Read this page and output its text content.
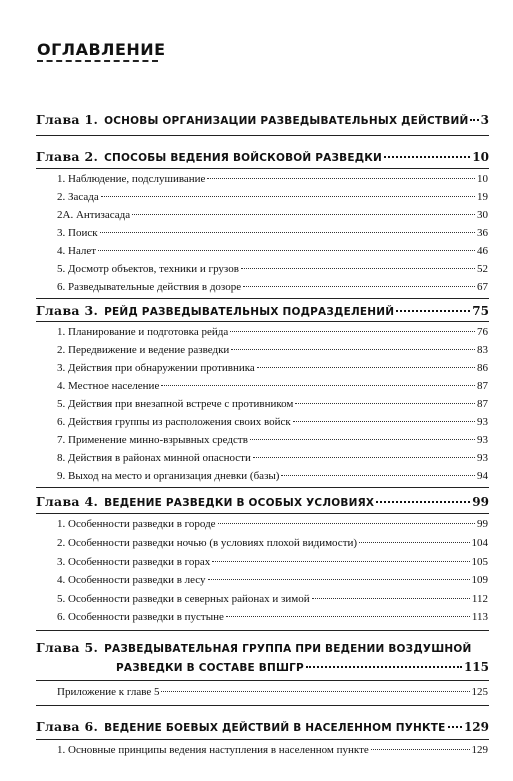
ОГЛАВЛЕНИЕ
Глава 1. ОСНОВЫ ОРГАНИЗАЦИИ РАЗВЕДЫВАТЕЛЬНЫХ ДЕЙСТВИЙ 3
Глава 2. СПОСОБЫ ВЕДЕНИЯ ВОЙСКОВОЙ РАЗВЕДКИ	10
1. Наблюдение, подслушивание	10
2. Засада	19
2А. Антизасада	30
3. Поиск	36
4. Налет	46
5. Досмотр объектов, техники и грузов	52
6. Разведывательные действия в дозоре	67
Глава 3. РЕЙД РАЗВЕДЫВАТЕЛЬНЫХ ПОДРАЗДЕЛЕНИЙ	75
1. Планирование и подготовка рейда	76
2. Передвижение и ведение разведки	83
3. Действия при обнаружении противника	86
4. Местное население	87
5. Действия при внезапной встрече с противником	87
6. Действия группы из расположения своих войск	93
7. Применение минно-взрывных средств	93
8. Действия в районах минной опасности	93
9. Выход на место и организация дневки (базы)	94
Глава 4. ВЕДЕНИЕ РАЗВЕДКИ В ОСОБЫХ УСЛОВИЯХ	99
1. Особенности разведки в городе	99
2. Особенности разведки ночью (в условиях плохой видимости)	104
3. Особенности разведки в горах	105
4. Особенности разведки в лесу	109
5. Особенности разведки в северных районах и зимой	112
6. Особенности разведки в пустыне	113
Глава 5. РАЗВЕДЫВАТЕЛЬНАЯ ГРУППА ПРИ ВЕДЕНИИ ВОЗДУШНОЙ
РАЗВЕДКИ В СОСТАВЕ ВПШГР	115
Приложение к главе 5	125
Глава 6. ВЕДЕНИЕ БОЕВЫХ ДЕЙСТВИЙ В НАСЕЛЕННОМ ПУНКТЕ 129
1. Основные принципы ведения наступления в населенном пункте	129
